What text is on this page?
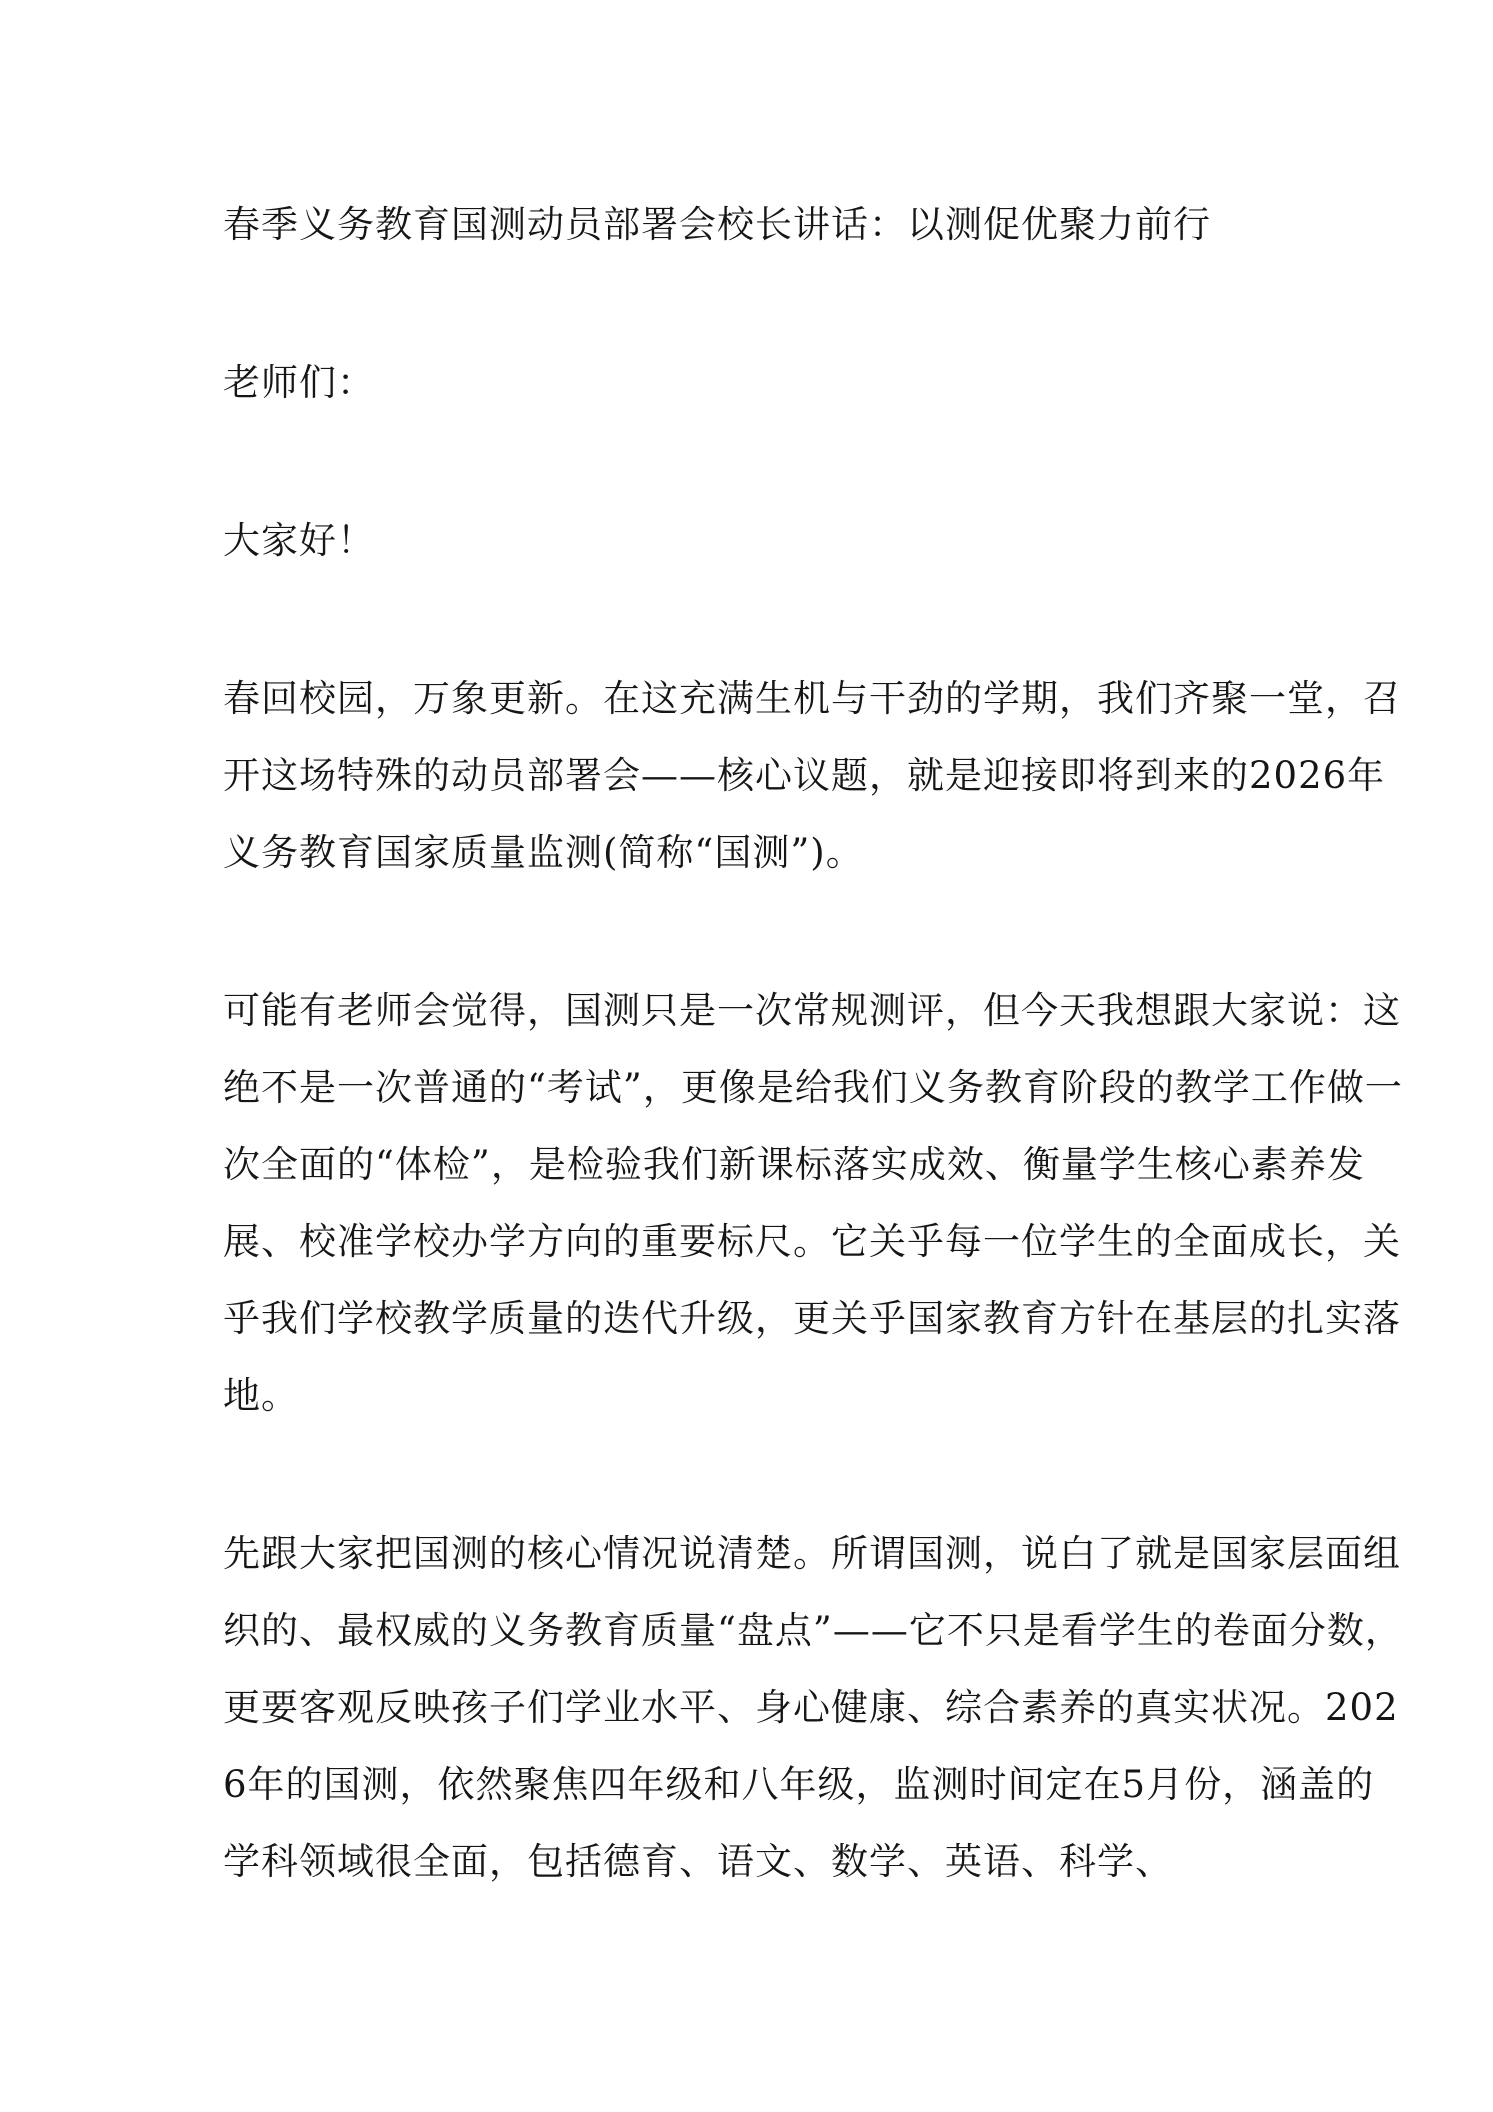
春季义务教育国测动员部署会校长讲话：以测促优聚力前行
老师们：
大家好！
春回校园，万象更新。在这充满生机与干劲的学期，我们齐聚一堂，召开这场特殊的动员部署会——核心议题，就是迎接即将到来的2026年义务教育国家质量监测(简称“国测”)。
可能有老师会觉得，国测只是一次常规测评，但今天我想跟大家说：这绝不是一次普通的“考试”，更像是给我们义务教育阶段的教学工作做一次全面的“体检”，是检验我们新课标落实成效、衡量学生核心素养发展、校准学校办学方向的重要标尺。它关乎每一位学生的全面成长，关乎我们学校教学质量的迭代升级，更关乎国家教育方针在基层的扎实落地。
先跟大家把国测的核心情况说清楚。所谓国测，说白了就是国家层面组织的、最权威的义务教育质量“盘点”——它不只是看学生的卷面分数，更要客观反映孩子们学业水平、身心健康、综合素养的真实状况。2026年的国测，依然聚焦四年级和八年级，监测时间定在5月份，涵盖的学科领域很全面，包括德育、语文、数学、英语、科学、
